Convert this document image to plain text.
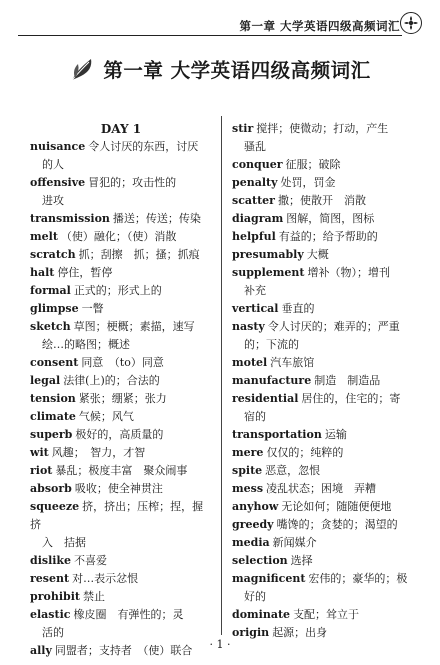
第一章 大学英语四级高频词汇
第一章 大学英语四级高频词汇
DAY 1
nuisance 令人讨厌的东西，讨厌
的人
offensive 冒犯的；攻击性的
进攻
transmission 播送；传送；传染
melt （使）融化；（使）消散
scratch 抓；刮擦　抓；搔；抓痕
halt 停住，暂停
formal 正式的；形式上的
glimpse 一瞥
sketch 草图；梗概；素描，速写
绘…的略图；概述
consent 同意　（to）同意
legal 法律(上)的；合法的
tension 紧张；绷紧；张力
climate 气候；风气
superb 极好的，高质量的
wit 风趣；　智力，才智
riot 暴乱；极度丰富　聚众闹事
absorb 吸收；使全神贯注
squeeze 挤，挤出；压榨；捏，握　挤
入　拮据
dislike 不喜爱
resent 对…表示忿恨
prohibit 禁止
elastic 橡皮圈　有弹性的；灵
活的
ally 同盟者；支持者　（使）联合
stir 搅拌；使微动；打动，产生
骚乱
conquer 征服；破除
penalty 处罚，罚金
scatter 撒；使散开　消散
diagram 图解，简图，图标
helpful 有益的；给予帮助的
presumably 大概
supplement 增补（物）；增刊
补充
vertical 垂直的
nasty 令人讨厌的；难弄的；严重
的；下流的
motel 汽车旅馆
manufacture 制造　制造品
residential 居住的，住宅的；寄
宿的
transportation 运输
mere 仅仅的；纯粹的
spite 恶意，忽恨
mess 凌乱状态；困境　弄糟
anyhow 无论如何；随随便便地
greedy 嘴馋的；贪婪的；渴望的
media 新闻媒介
selection 选择
magnificent 宏伟的；豪华的；极
好的
dominate 支配；耸立于
origin 起源；出身
· 1 ·
